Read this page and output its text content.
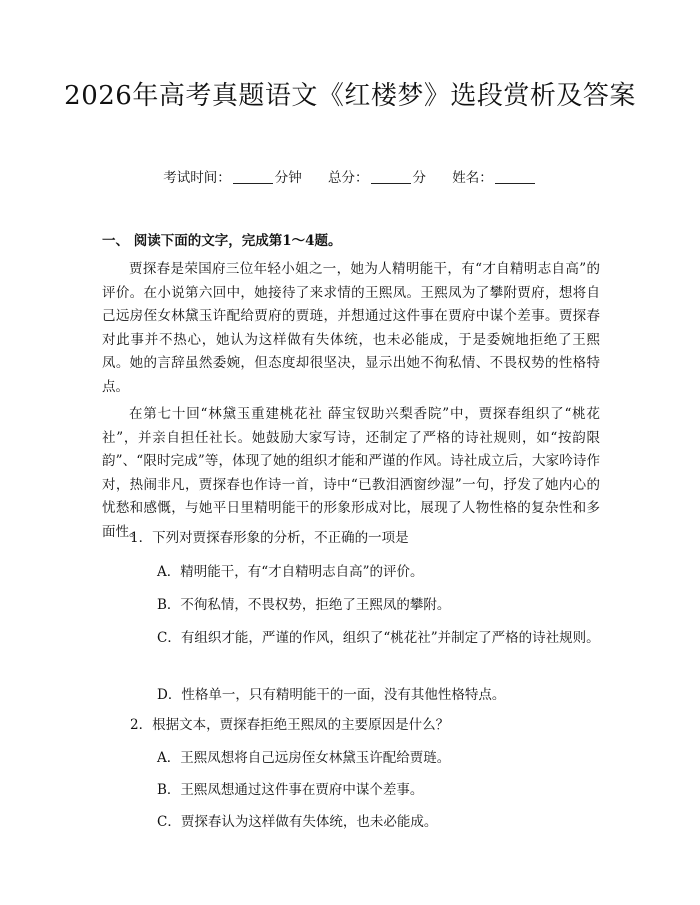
2026年高考真题语文《红楼梦》选段赏析及答案
考试时间：	分钟 总分：	分 姓名：
一、 阅读下面的文字，完成第1～4题。

贾探春是荣国府三位年轻小姐之一，她为人精明能干，有“才自精明志自高”的评价。在小说第六回中，她接待了来求情的王熙凤。王熙凤为了攀附贾府，想将自己远房侄女林黛玉许配给贾府的贾琏，并想通过这件事在贾府中谋个差事。贾探春对此事并不热心，她认为这样做有失体统，也未必能成，于是委婉地拒绝了王熙凤。她的言辞虽然委婉，但态度却很坚决，显示出她不徇私情、不畏权势的性格特点。

在第七十回“林黛玉重建桃花社 薛宝钗助兴梨香院”中，贾探春组织了“桃花社”，并亲自担任社长。她鼓励大家写诗，还制定了严格的诗社规则，如“按韵限韵”、“限时完成”等，体现了她的组织才能和严谨的作风。诗社成立后，大家吟诗作对，热闹非凡，贾探春也作诗一首，诗中“已教泪洒窗纱湿”一句，抒发了她内心的忧愁和感慨，与她平日里精明能干的形象形成对比，展现了人物性格的复杂性和多面性。

1．下列对贾探春形象的分析，不正确的一项是
A．精明能干，有“才自精明志自高”的评价。
B．不徇私情，不畏权势，拒绝了王熙凤的攀附。
C．有组织才能，严谨的作风，组织了“桃花社”并制定了严格的诗社规则。
D．性格单一，只有精明能干的一面，没有其他性格特点。
2．根据文本，贾探春拒绝王熙凤的主要原因是什么？
A．王熙凤想将自己远房侄女林黛玉许配给贾琏。
B．王熙凤想通过这件事在贾府中谋个差事。
C．贾探春认为这样做有失体统，也未必能成。
